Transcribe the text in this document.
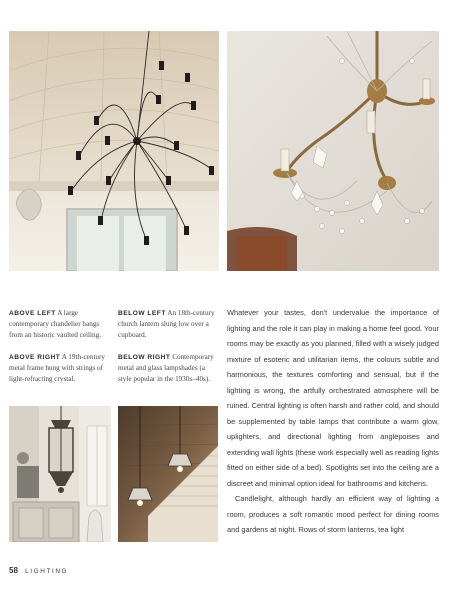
ABOVE LEFT A large contemporary chandelier hangs from an historic vaulted ceiling.
ABOVE RIGHT A 19th-century metal frame hung with strings of light-refracting crystal.
BELOW LEFT An 18th-century church lantern slung low over a cupboard.
BELOW RIGHT Contemporary metal and glass lampshades (a style popular in the 1930s–40s).

Whatever your tastes, don't undervalue the importance of lighting and the role it can play in making a home feel good. Your rooms may be exactly as you planned, filled with a wisely judged mixture of esoteric and utilitarian items, the colours subtle and harmonious, the textures comforting and sensual, but if the lighting is wrong, the artfully orchestrated atmosphere will be ruined. Central lighting is often harsh and rather cold, and should be supplemented by table lamps that contribute a warm glow, uplighters, and directional lighting from anglepoises and extending wall lights (these work especially well as reading lights fitted on either side of a bed). Spotlights set into the ceiling are a discreet and minimal option ideal for bathrooms and kitchens.

Candlelight, although hardly an efficient way of lighting a room, produces a soft romantic mood perfect for dining rooms and gardens at night. Rows of storm lanterns, tea light

58 LIGHTING
